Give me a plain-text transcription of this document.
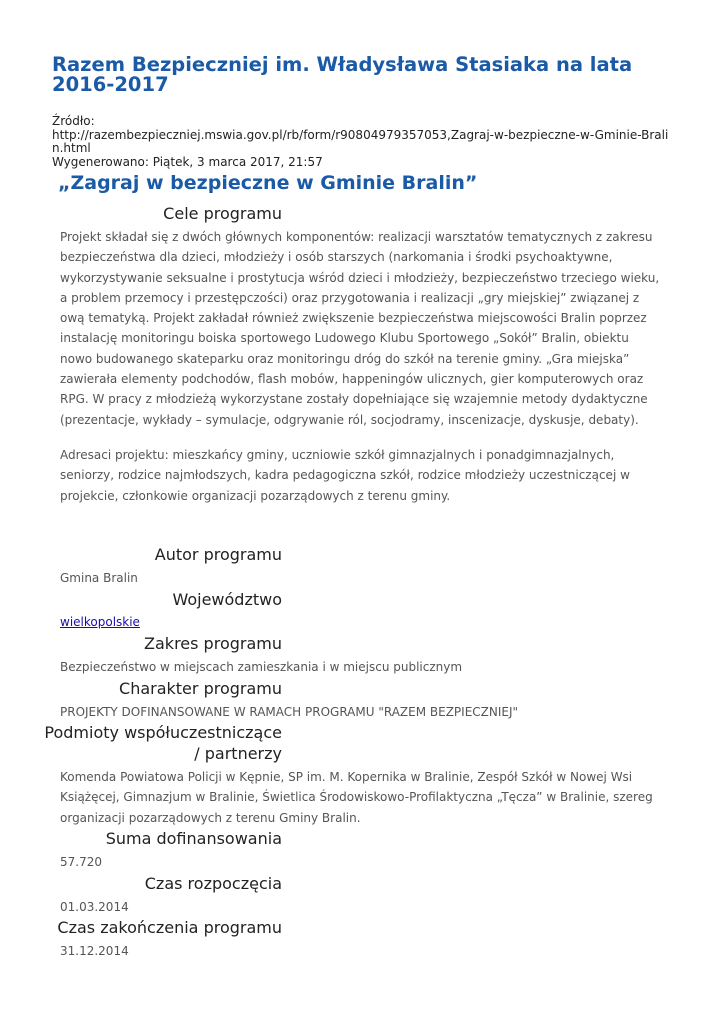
Razem Bezpieczniej im. Władysława Stasiaka na lata 2016-2017
Źródło:
http://razembezpieczniej.mswia.gov.pl/rb/form/r90804979357053,Zagraj-w-bezpieczne-w-Gminie-Bralin.html
Wygenerowano: Piątek, 3 marca 2017, 21:57
„Zagraj w bezpieczne w Gminie Bralin”
Cele programu

Projekt składał się z dwóch głównych komponentów: realizacji warsztatów tematycznych z zakresu bezpieczeństwa dla dzieci, młodzieży i osób starszych (narkomania i środki psychoaktywne, wykorzystywanie seksualne i prostytucja wśród dzieci i młodzieży, bezpieczeństwo trzeciego wieku, a problem przemocy i przestępczości) oraz przygotowania i realizacji „gry miejskiej” związanej z ową tematyką. Projekt zakładał również zwiększenie bezpieczeństwa miejscowości Bralin poprzez instalację monitoringu boiska sportowego Ludowego Klubu Sportowego „Sokół” Bralin, obiektu nowo budowanego skateparku oraz monitoringu dróg do szkół na terenie gminy. „Gra miejska” zawierała elementy podchodów, flash mobów, happeningów ulicznych, gier komputerowych oraz RPG. W pracy z młodzieżą wykorzystane zostały dopełniające się wzajemnie metody dydaktyczne (prezentacje, wykłady – symulacje, odgrywanie ról, socjodramy, inscenizacje, dyskusje, debaty).

Adresaci projektu: mieszkańcy gminy, uczniowie szkół gimnazjalnych i ponadgimnazjalnych, seniorzy, rodzice najmłodszych, kadra pedagogiczna szkół, rodzice młodzieży uczestniczącej w projekcie, członkowie organizacji pozarządowych z terenu gminy.

Autor programu
Gmina Bralin
Województwo
wielkopolskie
Zakres programu
Bezpieczeństwo w miejscach zamieszkania i w miejscu publicznym
Charakter programu
PROJEKTY DOFINANSOWANE W RAMACH PROGRAMU "RAZEM BEZPIECZNIEJ"
Podmioty współuczestniczące
/ partnerzy
Komenda Powiatowa Policji w Kępnie, SP im. M. Kopernika w Bralinie, Zespół Szkół w Nowej Wsi Książęcej, Gimnazjum w Bralinie, Świetlica Środowiskowo-Profilaktyczna „Tęcza” w Bralinie, szereg organizacji pozarządowych z terenu Gminy Bralin.
Suma dofinansowania
57.720
Czas rozpoczęcia
01.03.2014
Czas zakończenia programu
31.12.2014
